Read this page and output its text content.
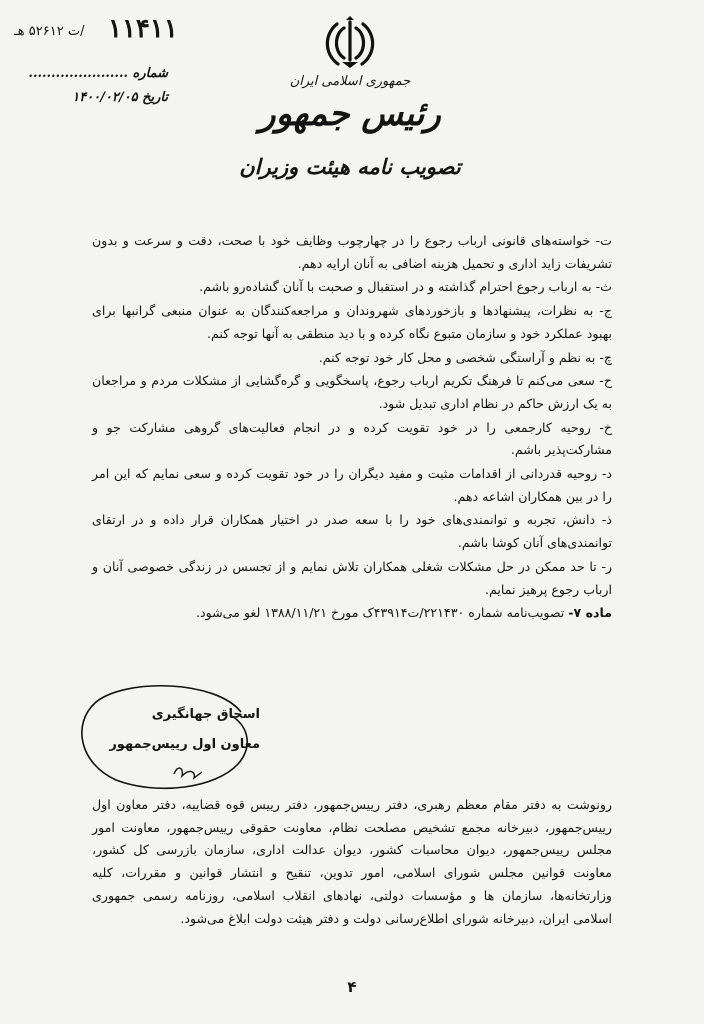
۱۱۴۱۱
/ت ۵۲۶۱۲ هـ
شماره ......................
تاریخ ۱۴۰۰/۰۲/۰۵
جمهوری اسلامی ایران
رئیس جمهور
تصویب نامه هیئت وزیران

ت- خواسته‌های قانونی ارباب رجوع را در چهارچوب وظایف خود با صحت، دقت و سرعت و بدون تشریفات زاید اداری و تحمیل هزینه اضافی به آنان ارایه دهم.

ث- به ارباب رجوع احترام گذاشته و در استقبال و صحبت با آنان گشاده‌رو باشم.

ج- به نظرات، پیشنهادها و بازخوردهای شهروندان و مراجعه‌کنندگان به عنوان منبعی گرانبها برای بهبود عملکرد خود و سازمان متبوع نگاه کرده و با دید منطقی به آنها توجه کنم.

چ- به نظم و آراستگی شخصی و محل کار خود توجه کنم.

ح- سعی می‌کنم تا فرهنگ تکریم ارباب رجوع، پاسخگویی و گره‌گشایی از مشکلات مردم و مراجعان به یک ارزش حاکم در نظام اداری تبدیل شود.

خ- روحیه کارجمعی را در خود تقویت کرده و در انجام فعالیت‌های گروهی مشارکت جو و مشارکت‌پذیر باشم.

د- روحیه قدردانی از اقدامات مثبت و مفید دیگران را در خود تقویت کرده و سعی نمایم که این امر را در بین همکاران اشاعه دهم.

ذ- دانش، تجربه و توانمندی‌های خود را با سعه صدر در اختیار همکاران قرار داده و در ارتقای توانمندی‌های آنان کوشا باشم.

ر- تا حد ممکن در حل مشکلات شغلی همکاران تلاش نمایم و از تجسس در زندگی خصوصی آنان و ارباب رجوع پرهیز نمایم.

ماده ۷- تصویب‌نامه شماره ۲۲۱۴۳۰/ت۴۳۹۱۴ک مورخ ۱۳۸۸/۱۱/۲۱ لغو می‌شود.

اسحاق جهانگیری
معاون اول رییس‌جمهور
رونوشت به دفتر مقام معظم رهبری، دفتر رییس‌جمهور، دفتر رییس قوه قضاییه، دفتر معاون اول رییس‌جمهور، دبیرخانه مجمع تشخیص مصلحت نظام، معاونت حقوقی رییس‌جمهور، معاونت امور مجلس رییس‌جمهور، دیوان محاسبات کشور، دیوان عدالت اداری، سازمان بازرسی کل کشور، معاونت قوانین مجلس شورای اسلامی، امور تدوین، تنقیح و انتشار قوانین و مقررات، کلیه وزارتخانه‌ها، سازمان ها و مؤسسات دولتی، نهادهای انقلاب اسلامی، روزنامه رسمی جمهوری اسلامی ایران، دبیرخانه شورای اطلاع‌رسانی دولت و دفتر هیئت دولت ابلاغ می‌شود.
۴
